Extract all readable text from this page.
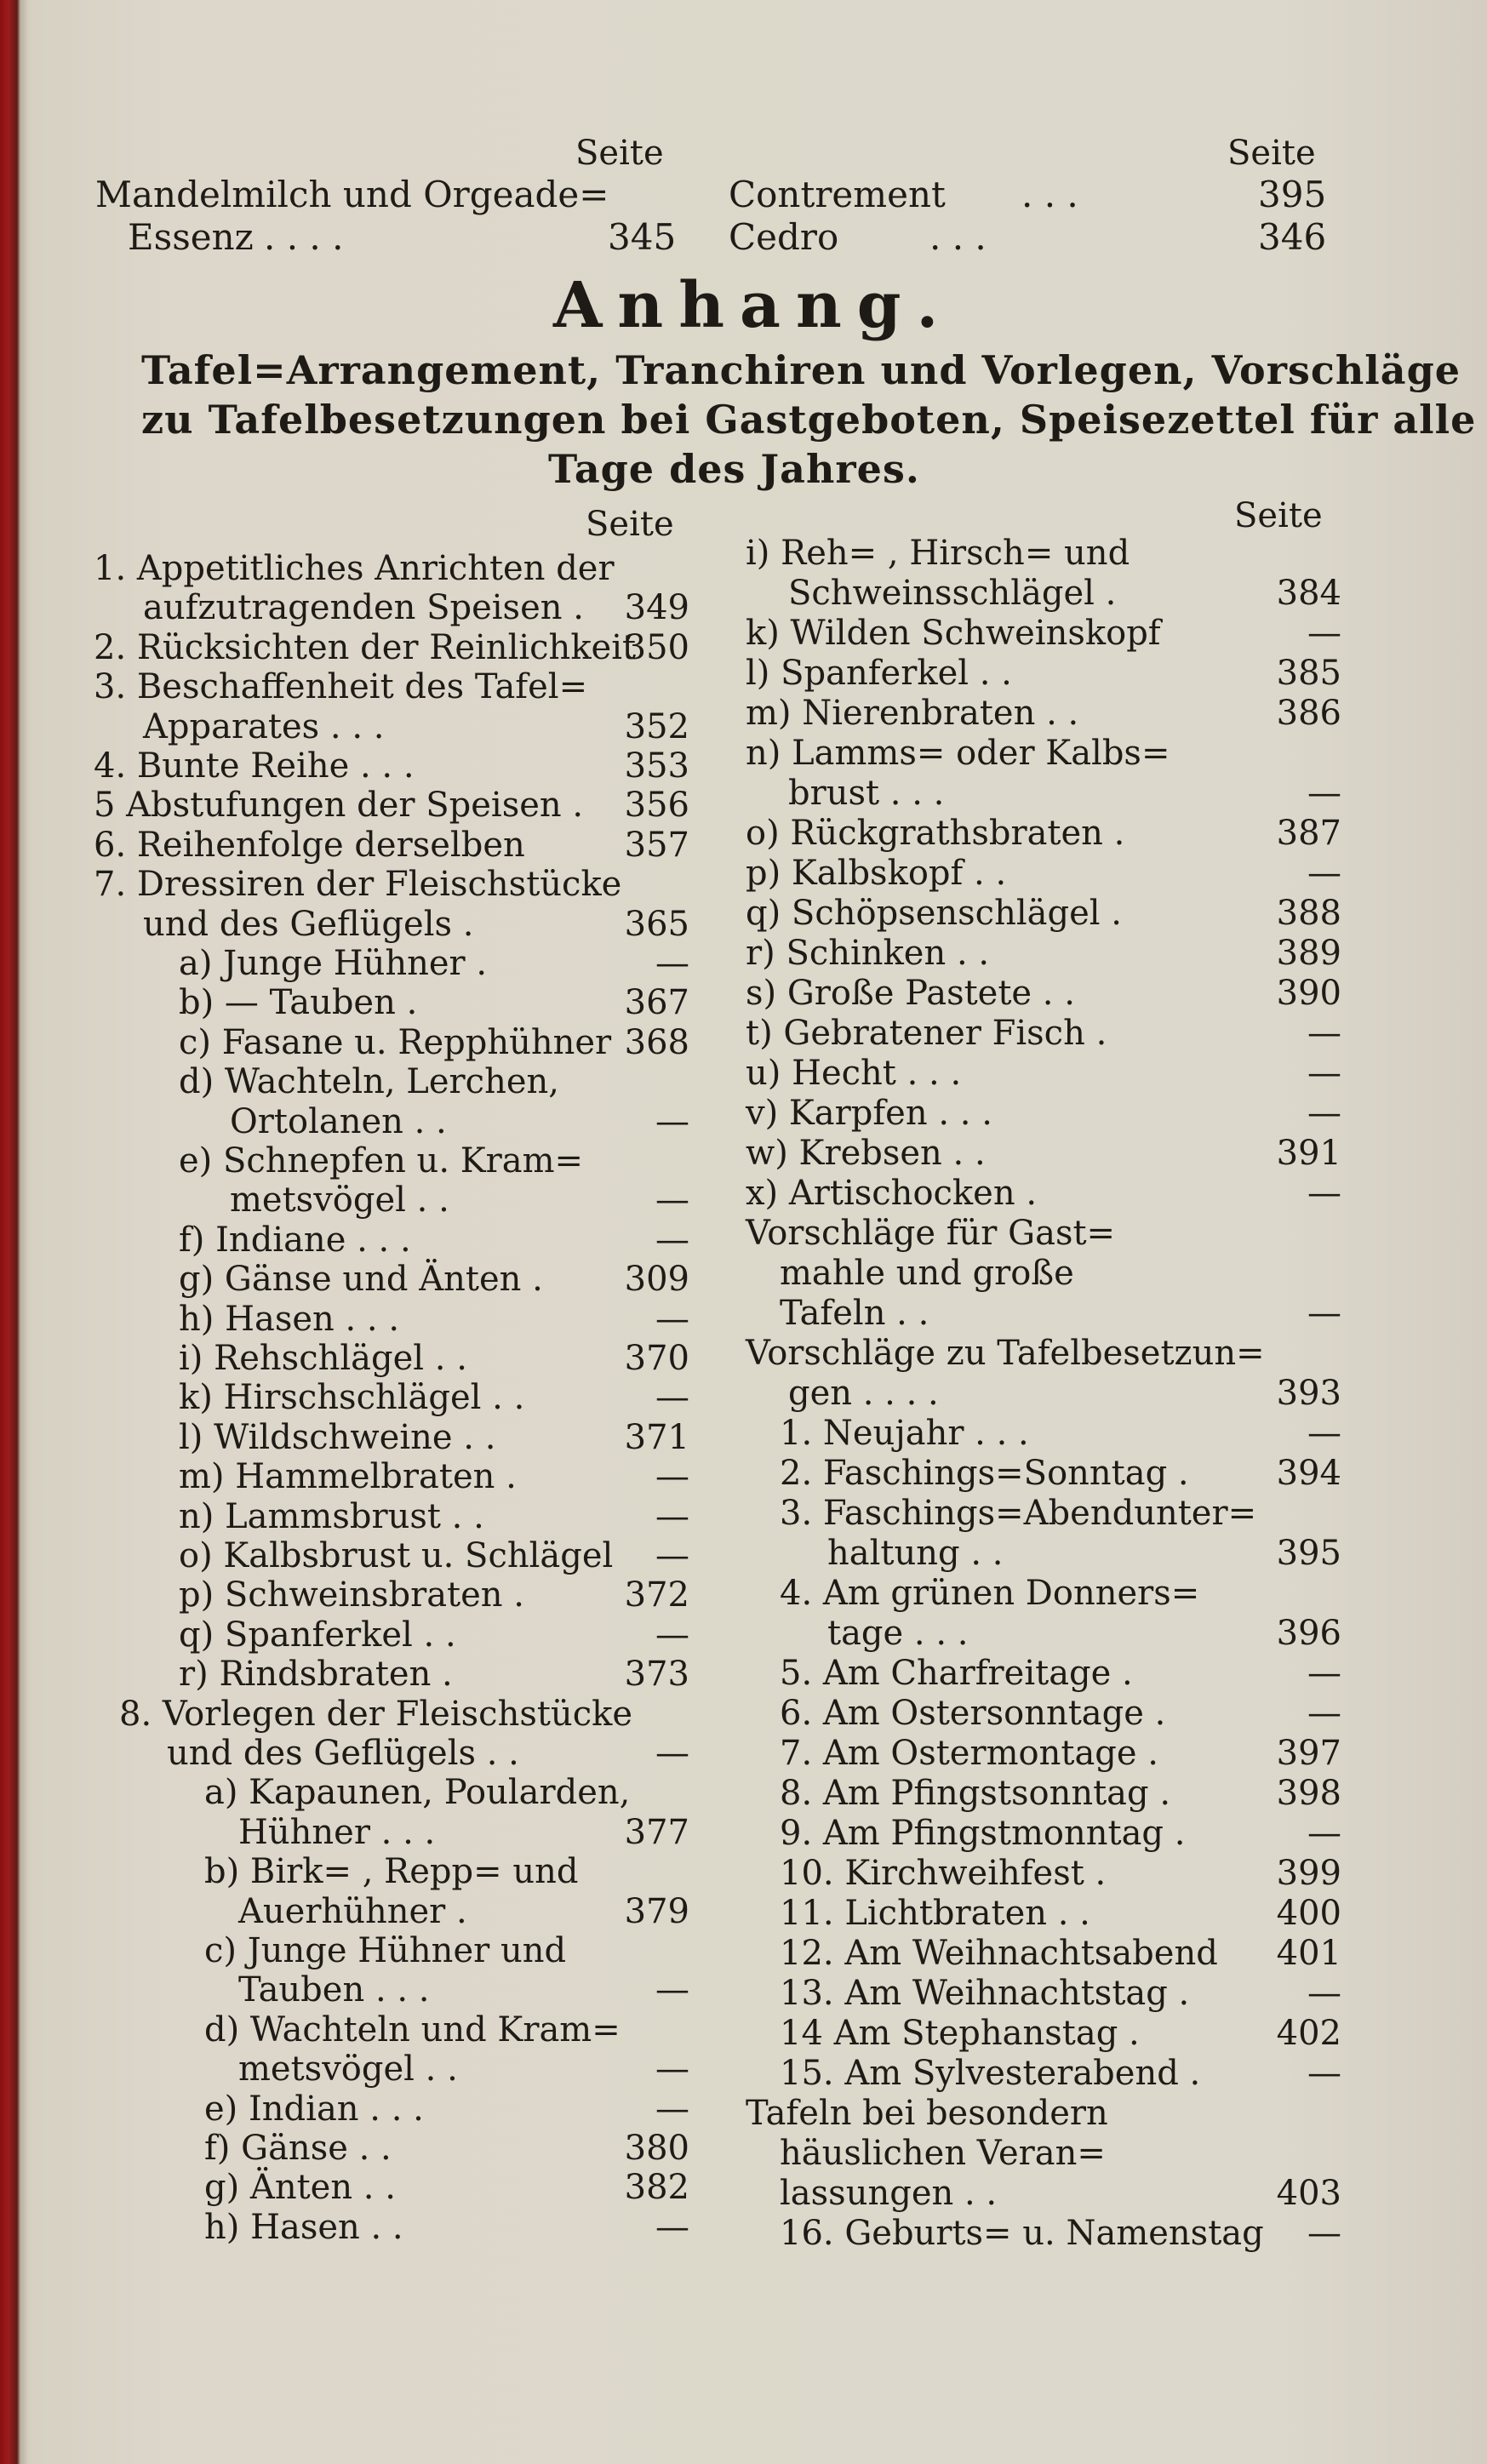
Seite	Seite
Mandelmilch und Orgeade=
Essenz . . . .	345
Contrement . . .	395
Cedro	. . .	346
Anhang.
Tafel=Arrangement, Tranchiren und Vorlegen, Vorschläge
zu Tafelbesetzungen bei Gastgeboten, Speisezettel für alle
Tage des Jahres.
Seite	Seite
1. Appetitliches Anrichten der
aufzutragenden Speisen . 349
2. Rücksichten der Reinlichkeit
350
3. Beschaffenheit des Tafel=
Apparates . . .	352
4. Bunte Reihe . . .	353
5 Abstufungen der Speisen . 356
6. Reihenfolge derselben	357
7. Dressiren der Fleischstücke
und des Geflügels .	365
a) Junge Hühner .	—
b) — Tauben .	367
c) Fasane u. Repphühner 368
d) Wachteln, Lerchen,
Ortolanen . .	—
e) Schnepfen u. Kram=
metsvögel . .	—
f) Indiane . . .	—
g) Gänse und Änten . 309
h) Hasen . . .	—
i) Rehschlägel . .	370
k) Hirschschlägel . .	—
l) Wildschweine . .	371
m) Hammelbraten .	—
n) Lammsbrust . .	—
o) Kalbsbrust u. Schlägel —
p) Schweinsbraten .	372
q) Spanferkel . .	—
r) Rindsbraten .	373
8. Vorlegen der Fleischstücke
und des Geflügels . .	—
a) Kapaunen, Poularden,
Hühner . . .	377
b) Birk= , Repp= und
Auerhühner .	379
c) Junge Hühner und
Tauben . . .	—
d) Wachteln und Kram=
metsvögel . .	—
e) Indian . . .	—
f) Gänse . .	380
g) Änten . .	382
h) Hasen . .	—
i) Reh= , Hirsch= und
Schweinsschlägel .	384
k) Wilden Schweinskopf	—
l) Spanferkel . .	385
m) Nierenbraten . .	386
n) Lamms= oder Kalbs=
brust . . .	—
o) Rückgrathsbraten .	387
p) Kalbskopf . .	—
q) Schöpsenschlägel .	388
r) Schinken . .	389
s) Große Pastete . .	390
t) Gebratener Fisch .	—
u) Hecht . . .	—
v) Karpfen . . .	—
w) Krebsen . .	391
x) Artischocken .	—
Vorschläge für Gast=
mahle und große
Tafeln . .	—
Vorschläge zu Tafelbesetzun=
gen . . . .	393
1. Neujahr . . .	—
2. Faschings=Sonntag .	394
3. Faschings=Abendunter=
haltung . .	395
4. Am grünen Donners=
tage . . .	396
5. Am Charfreitage .	—
6. Am Ostersonntage .	—
7. Am Ostermontage .	397
8. Am Pfingstsonntag .	398
9. Am Pfingstmonntag .	—
10. Kirchweihfest .	399
11. Lichtbraten . .	400
12. Am Weihnachtsabend 401
13. Am Weihnachtstag .	—
14 Am Stephanstag .	402
15. Am Sylvesterabend .	—
Tafeln bei besondern
häuslichen Veran=
lassungen . .	403
16. Geburts= u. Namenstag —
